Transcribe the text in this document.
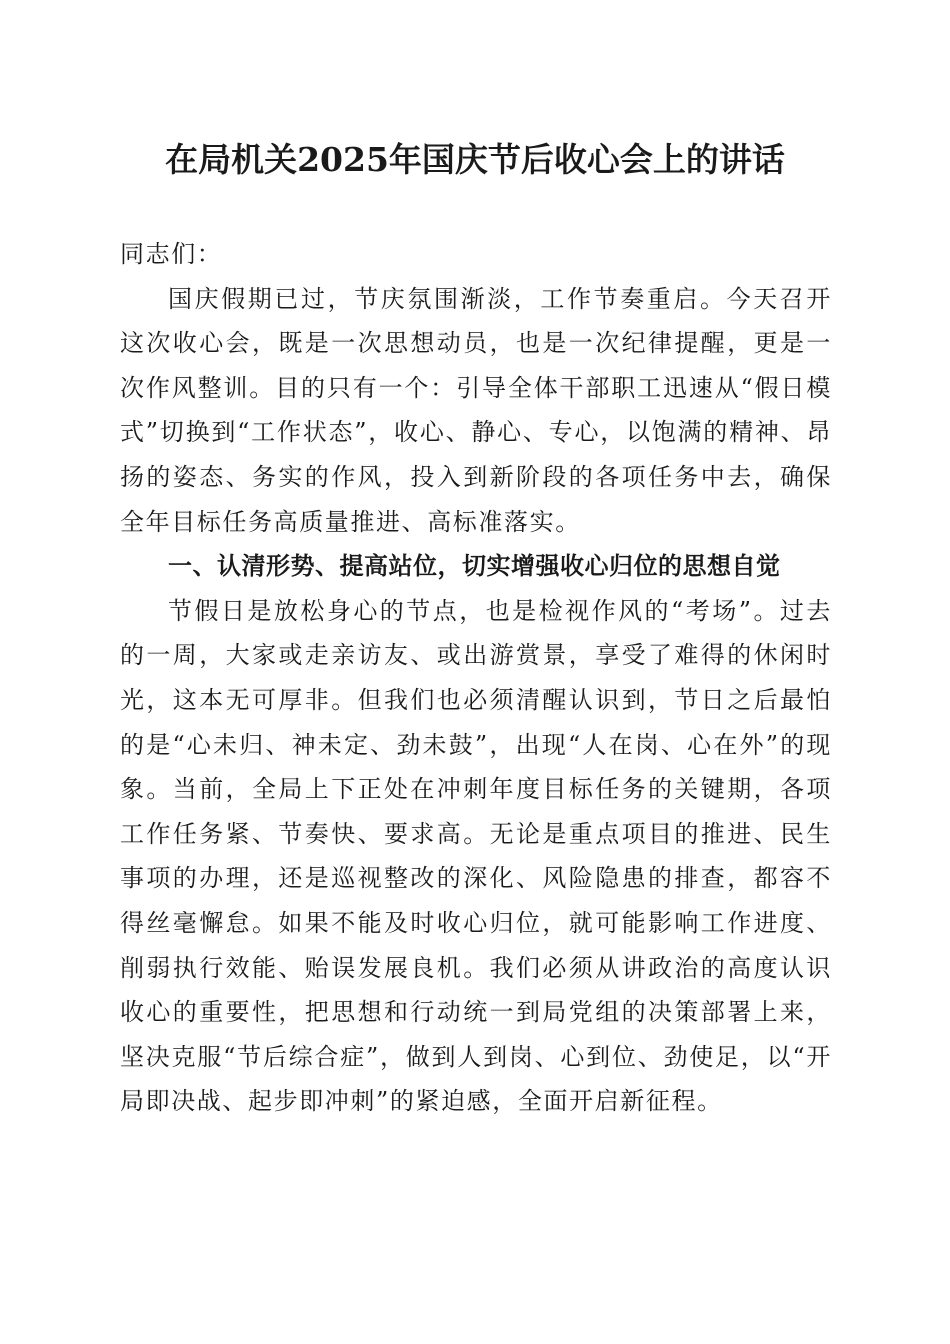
在局机关2025年国庆节后收心会上的讲话

同志们：

国庆假期已过，节庆氛围渐淡，工作节奏重启。今天召开这次收心会，既是一次思想动员，也是一次纪律提醒，更是一次作风整训。目的只有一个：引导全体干部职工迅速从“假日模式”切换到“工作状态”，收心、静心、专心，以饱满的精神、昂扬的姿态、务实的作风，投入到新阶段的各项任务中去，确保全年目标任务高质量推进、高标准落实。

一、认清形势、提高站位，切实增强收心归位的思想自觉

节假日是放松身心的节点，也是检视作风的“考场”。过去的一周，大家或走亲访友、或出游赏景，享受了难得的休闲时光，这本无可厚非。但我们也必须清醒认识到，节日之后最怕的是“心未归、神未定、劲未鼓”，出现“人在岗、心在外”的现象。当前，全局上下正处在冲刺年度目标任务的关键期，各项工作任务紧、节奏快、要求高。无论是重点项目的推进、民生事项的办理，还是巡视整改的深化、风险隐患的排查，都容不得丝毫懈怠。如果不能及时收心归位，就可能影响工作进度、削弱执行效能、贻误发展良机。我们必须从讲政治的高度认识收心的重要性，把思想和行动统一到局党组的决策部署上来，坚决克服“节后综合症”，做到人到岗、心到位、劲使足，以“开局即决战、起步即冲刺”的紧迫感，全面开启新征程。
